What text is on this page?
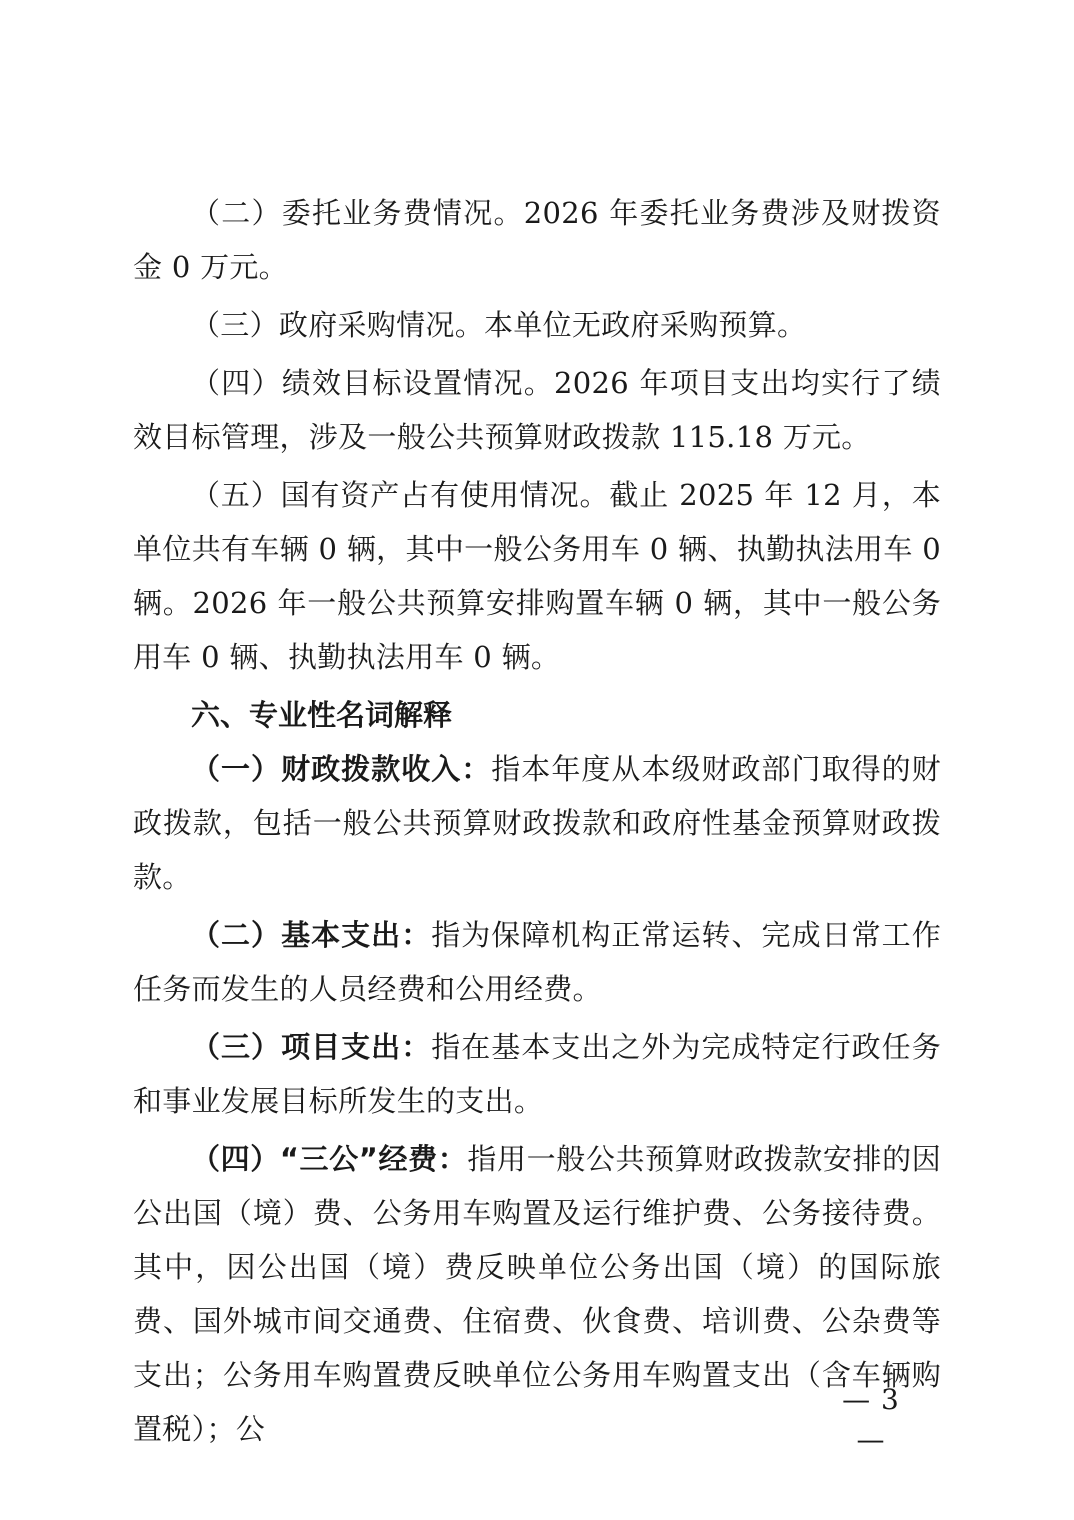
（二）委托业务费情况。2026 年委托业务费涉及财拨资金 0 万元。

（三）政府采购情况。本单位无政府采购预算。

（四）绩效目标设置情况。2026 年项目支出均实行了绩效目标管理，涉及一般公共预算财政拨款 115.18 万元。

（五）国有资产占有使用情况。截止 2025 年 12 月，本单位共有车辆 0 辆，其中一般公务用车 0 辆、执勤执法用车 0 辆。2026 年一般公共预算安排购置车辆 0 辆，其中一般公务用车 0 辆、执勤执法用车 0 辆。

六、专业性名词解释

（一）财政拨款收入：指本年度从本级财政部门取得的财政拨款，包括一般公共预算财政拨款和政府性基金预算财政拨款。

（二）基本支出：指为保障机构正常运转、完成日常工作任务而发生的人员经费和公用经费。

（三）项目支出：指在基本支出之外为完成特定行政任务和事业发展目标所发生的支出。

（四）“三公”经费：指用一般公共预算财政拨款安排的因公出国（境）费、公务用车购置及运行维护费、公务接待费。其中，因公出国（境）费反映单位公务出国（境）的国际旅费、国外城市间交通费、住宿费、伙食费、培训费、公杂费等支出；公务用车购置费反映单位公务用车购置支出（含车辆购置税）；公

— 3 —
